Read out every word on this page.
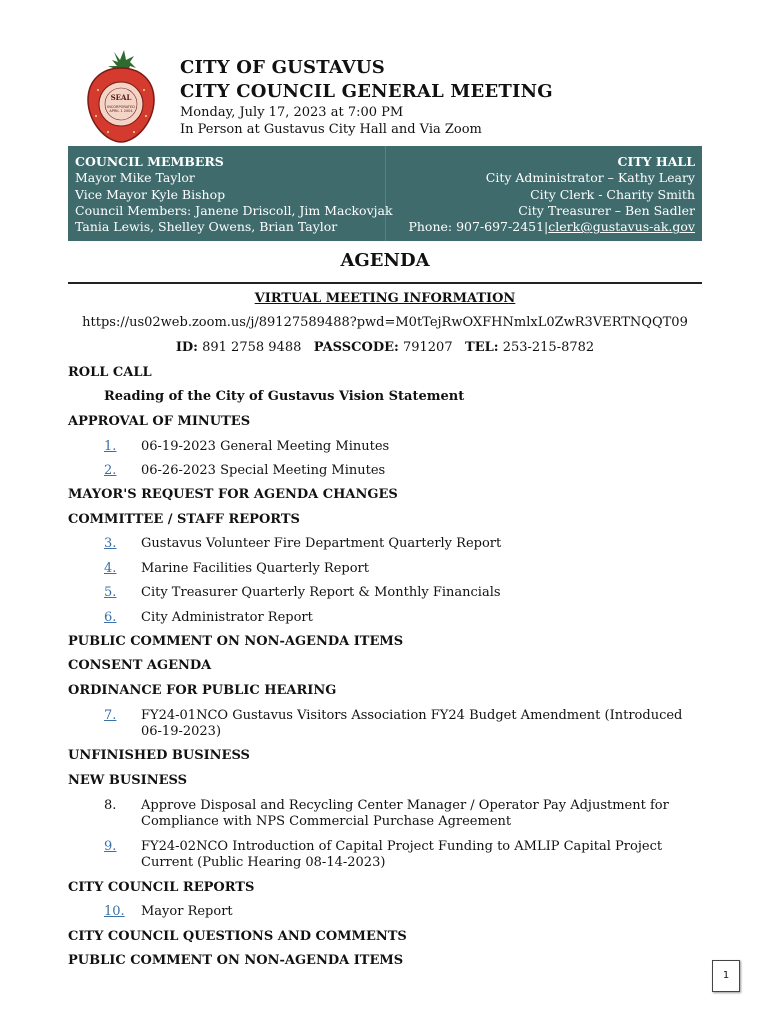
SEAL
INCORPORATED
APRIL 1 2004
CITY OF GUSTAVUS
CITY COUNCIL GENERAL MEETING
Monday, July 17, 2023 at 7:00 PM
In Person at Gustavus City Hall and Via Zoom
COUNCIL MEMBERS
Mayor Mike Taylor
Vice Mayor Kyle Bishop
Council Members: Janene Driscoll, Jim Mackovjak
Tania Lewis, Shelley Owens, Brian Taylor
CITY HALL
City Administrator – Kathy Leary
City Clerk - Charity Smith
City Treasurer – Ben Sadler
Phone: 907-697-2451|clerk@gustavus-ak.gov
AGENDA
VIRTUAL MEETING INFORMATION
https://us02web.zoom.us/j/89127589488?pwd=M0tTejRwOXFHNmlxL0ZwR3VERTNQQT09
ID: 891 2758 9488 PASSCODE: 791207 TEL: 253-215-8782
ROLL CALL
Reading of the City of Gustavus Vision Statement
APPROVAL OF MINUTES
1. 06-19-2023 General Meeting Minutes
2. 06-26-2023 Special Meeting Minutes
MAYOR'S REQUEST FOR AGENDA CHANGES
COMMITTEE / STAFF REPORTS
3. Gustavus Volunteer Fire Department Quarterly Report
4. Marine Facilities Quarterly Report
5. City Treasurer Quarterly Report & Monthly Financials
6. City Administrator Report
PUBLIC COMMENT ON NON-AGENDA ITEMS
CONSENT AGENDA
ORDINANCE FOR PUBLIC HEARING
7. FY24-01NCO Gustavus Visitors Association FY24 Budget Amendment (Introduced 06-19-2023)
UNFINISHED BUSINESS
NEW BUSINESS
8. Approve Disposal and Recycling Center Manager / Operator Pay Adjustment for Compliance with NPS Commercial Purchase Agreement
9. FY24-02NCO Introduction of Capital Project Funding to AMLIP Capital Project Current (Public Hearing 08-14-2023)
CITY COUNCIL REPORTS
10. Mayor Report
CITY COUNCIL QUESTIONS AND COMMENTS
PUBLIC COMMENT ON NON-AGENDA ITEMS
1
